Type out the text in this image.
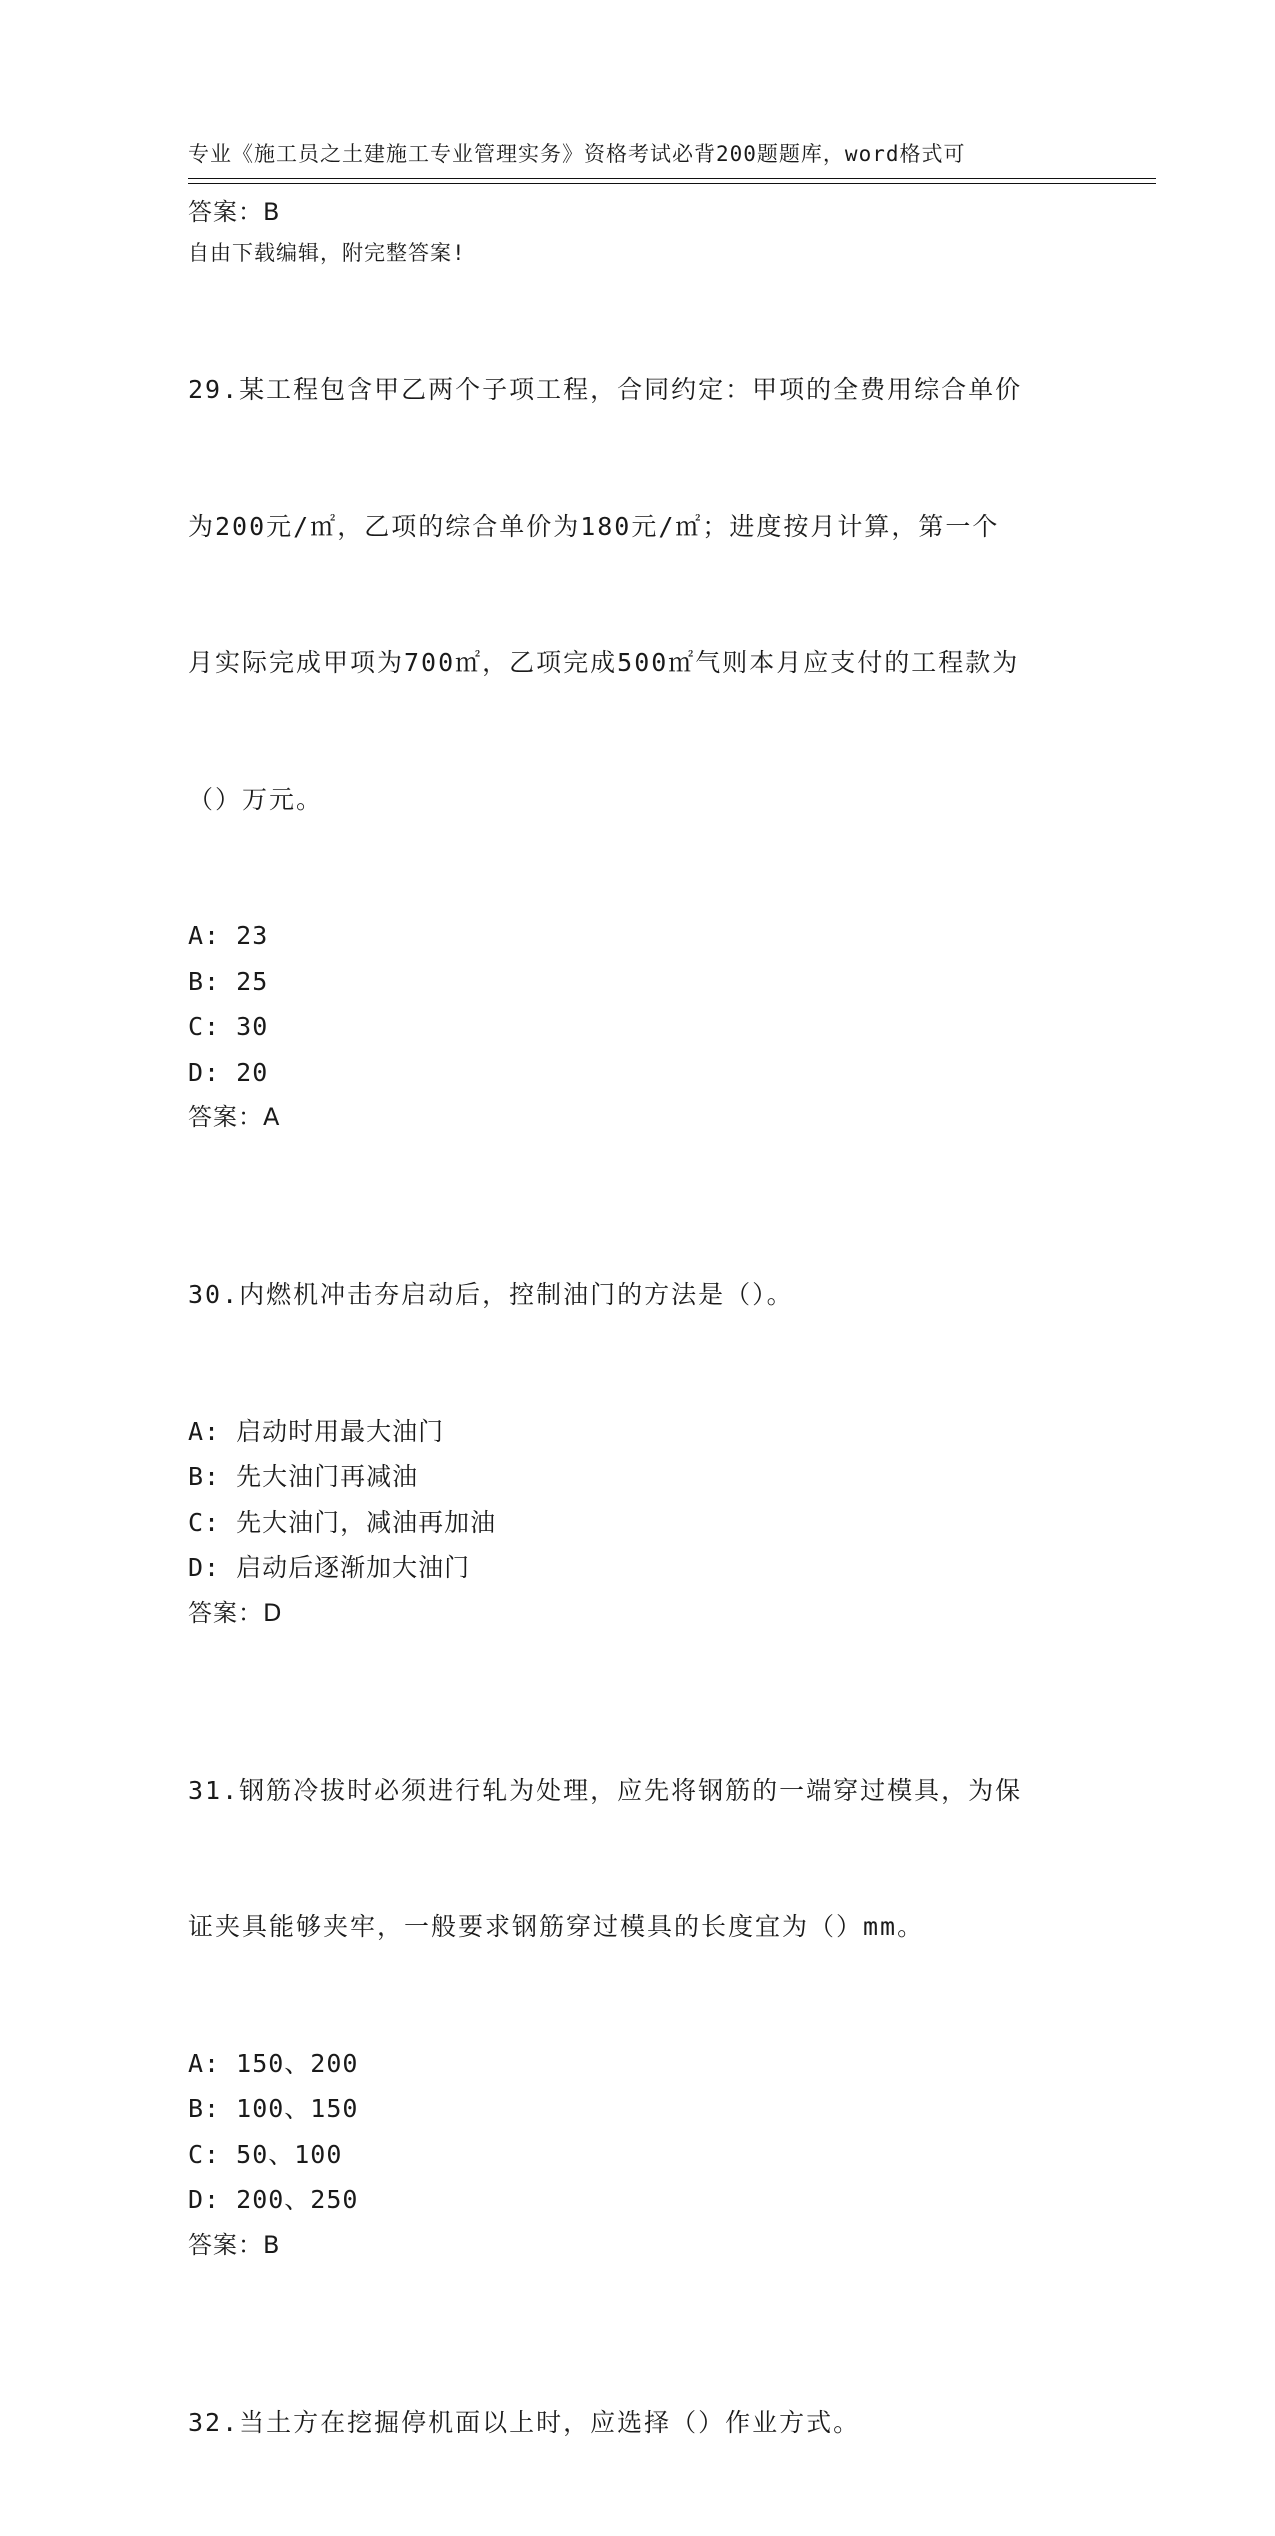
专业《施工员之土建施工专业管理实务》资格考试必背200题题库，word格式可

自由下载编辑，附完整答案!

答案：B

29.某工程包含甲乙两个子项工程，合同约定：甲项的全费用综合单价

为200元/㎡，乙项的综合单价为180元/㎡；进度按月计算，第一个

月实际完成甲项为700㎡，乙项完成500㎡气则本月应支付的工程款为

（）万元。

A: 23
B: 25
C: 30
D: 20
答案：A

30.内燃机冲击夯启动后，控制油门的方法是（）。

A: 启动时用最大油门
B: 先大油门再减油
C: 先大油门，减油再加油
D: 启动后逐渐加大油门
答案：D

31.钢筋冷拔时必须进行轧为处理，应先将钢筋的一端穿过模具，为保

证夹具能够夹牢，一般要求钢筋穿过模具的长度宜为（）mm。

A: 150、200
B: 100、150
C: 50、100
D: 200、250
答案：B

32.当土方在挖掘停机面以上时，应选择（）作业方式。
